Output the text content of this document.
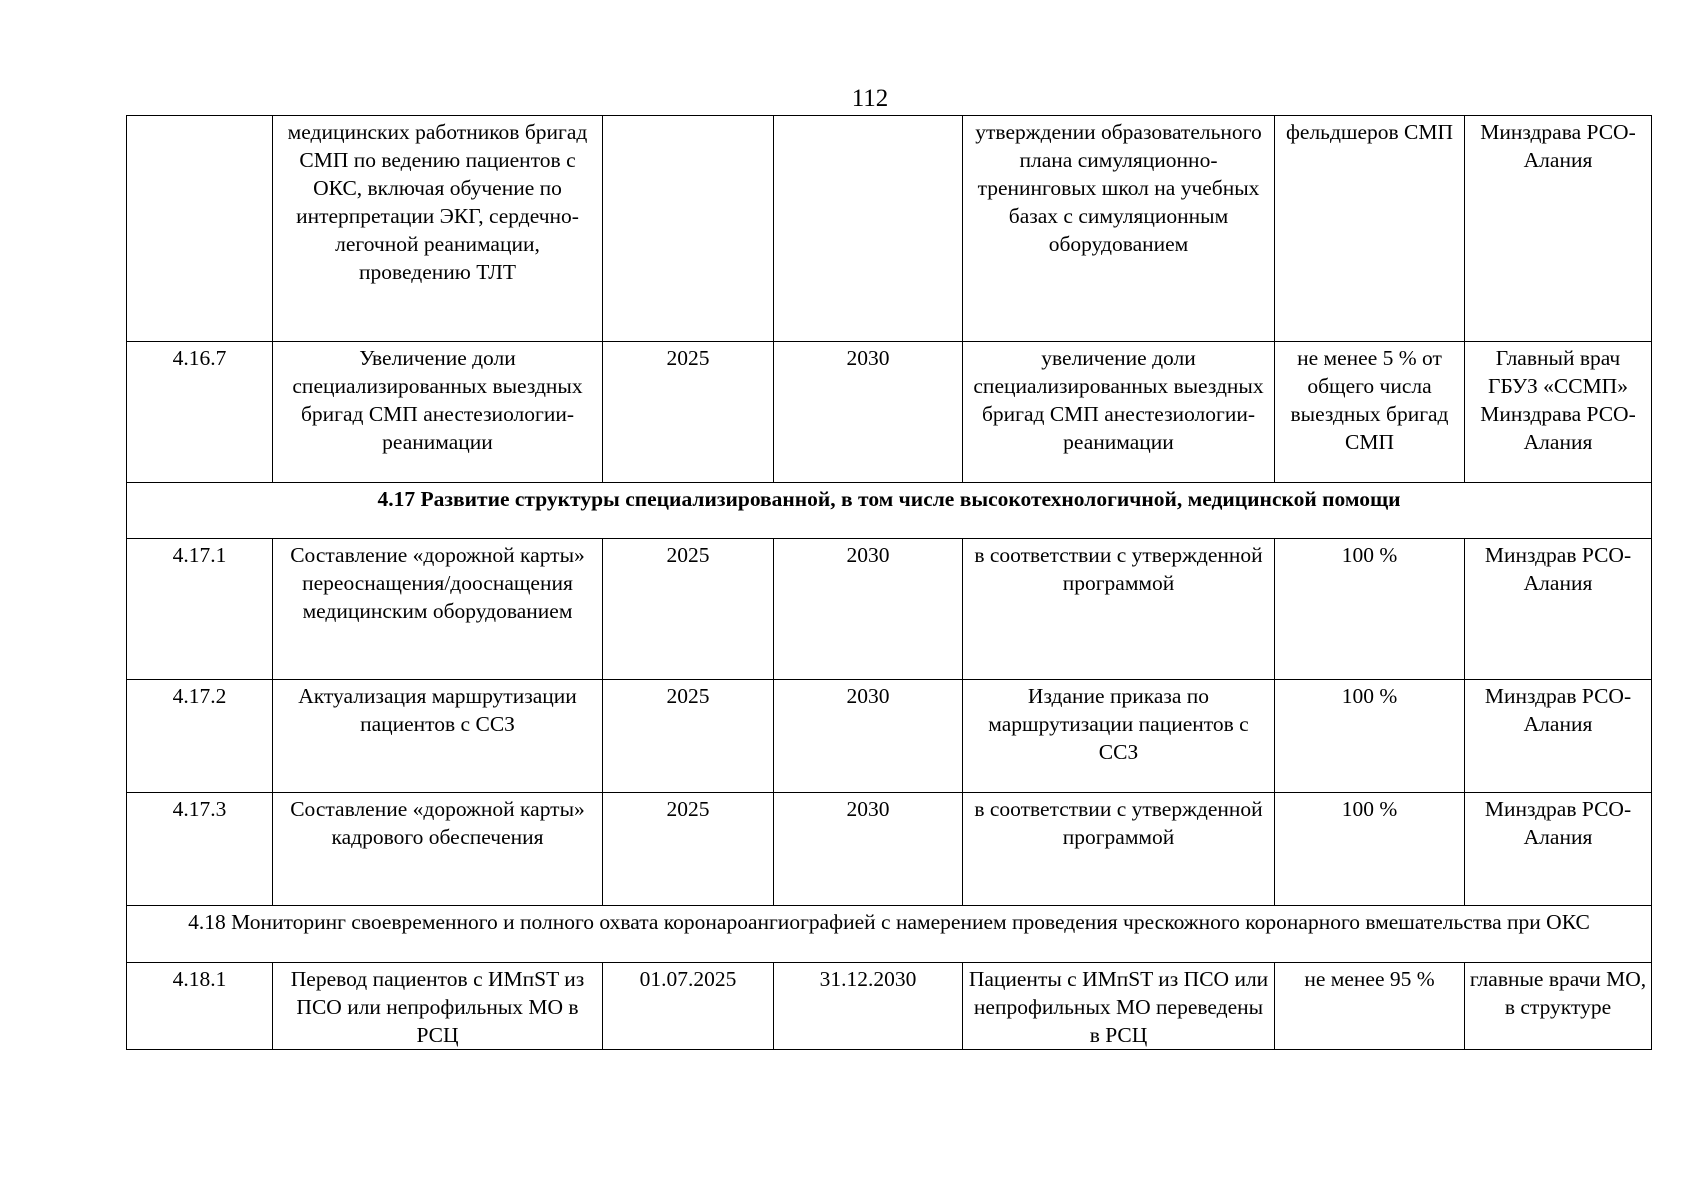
112
	медицинских работников бригад СМП по ведению пациентов с ОКС, включая обучение по интерпретации ЭКГ, сердечно-легочной реанимации, проведению ТЛТ			утверждении образовательного плана симуляционно-тренинговых школ на учебных базах с симуляционным оборудованием	фельдшеров СМП	Минздрава РСО-Алания
4.16.7	Увеличение доли специализированных выездных бригад СМП анестезиологии-реанимации	2025	2030	увеличение доли специализированных выездных бригад СМП анестезиологии-реанимации	не менее 5 % от общего числа выездных бригад СМП	Главный врач ГБУЗ «ССМП» Минздрава РСО-Алания
4.17 Развитие структуры специализированной, в том числе высокотехнологичной, медицинской помощи						
4.17.1	Составление «дорожной карты» переоснащения/дооснащения медицинским оборудованием	2025	2030	в соответствии с утвержденной программой	100 %	Минздрав РСО-Алания
4.17.2	Актуализация маршрутизации пациентов с ССЗ	2025	2030	Издание приказа по маршрутизации пациентов с ССЗ	100 %	Минздрав РСО-Алания
4.17.3	Составление «дорожной карты» кадрового обеспечения	2025	2030	в соответствии с утвержденной программой	100 %	Минздрав РСО-Алания
4.18 Мониторинг своевременного и полного охвата коронароангиографией с намерением проведения чрескожного коронарного вмешательства при ОКС						
4.18.1	Перевод пациентов с ИМпST из ПСО или непрофильных МО в РСЦ	01.07.2025	31.12.2030	Пациенты с ИМпST из ПСО или непрофильных МО переведены в РСЦ	не менее 95 %	главные врачи МО, в структуре
